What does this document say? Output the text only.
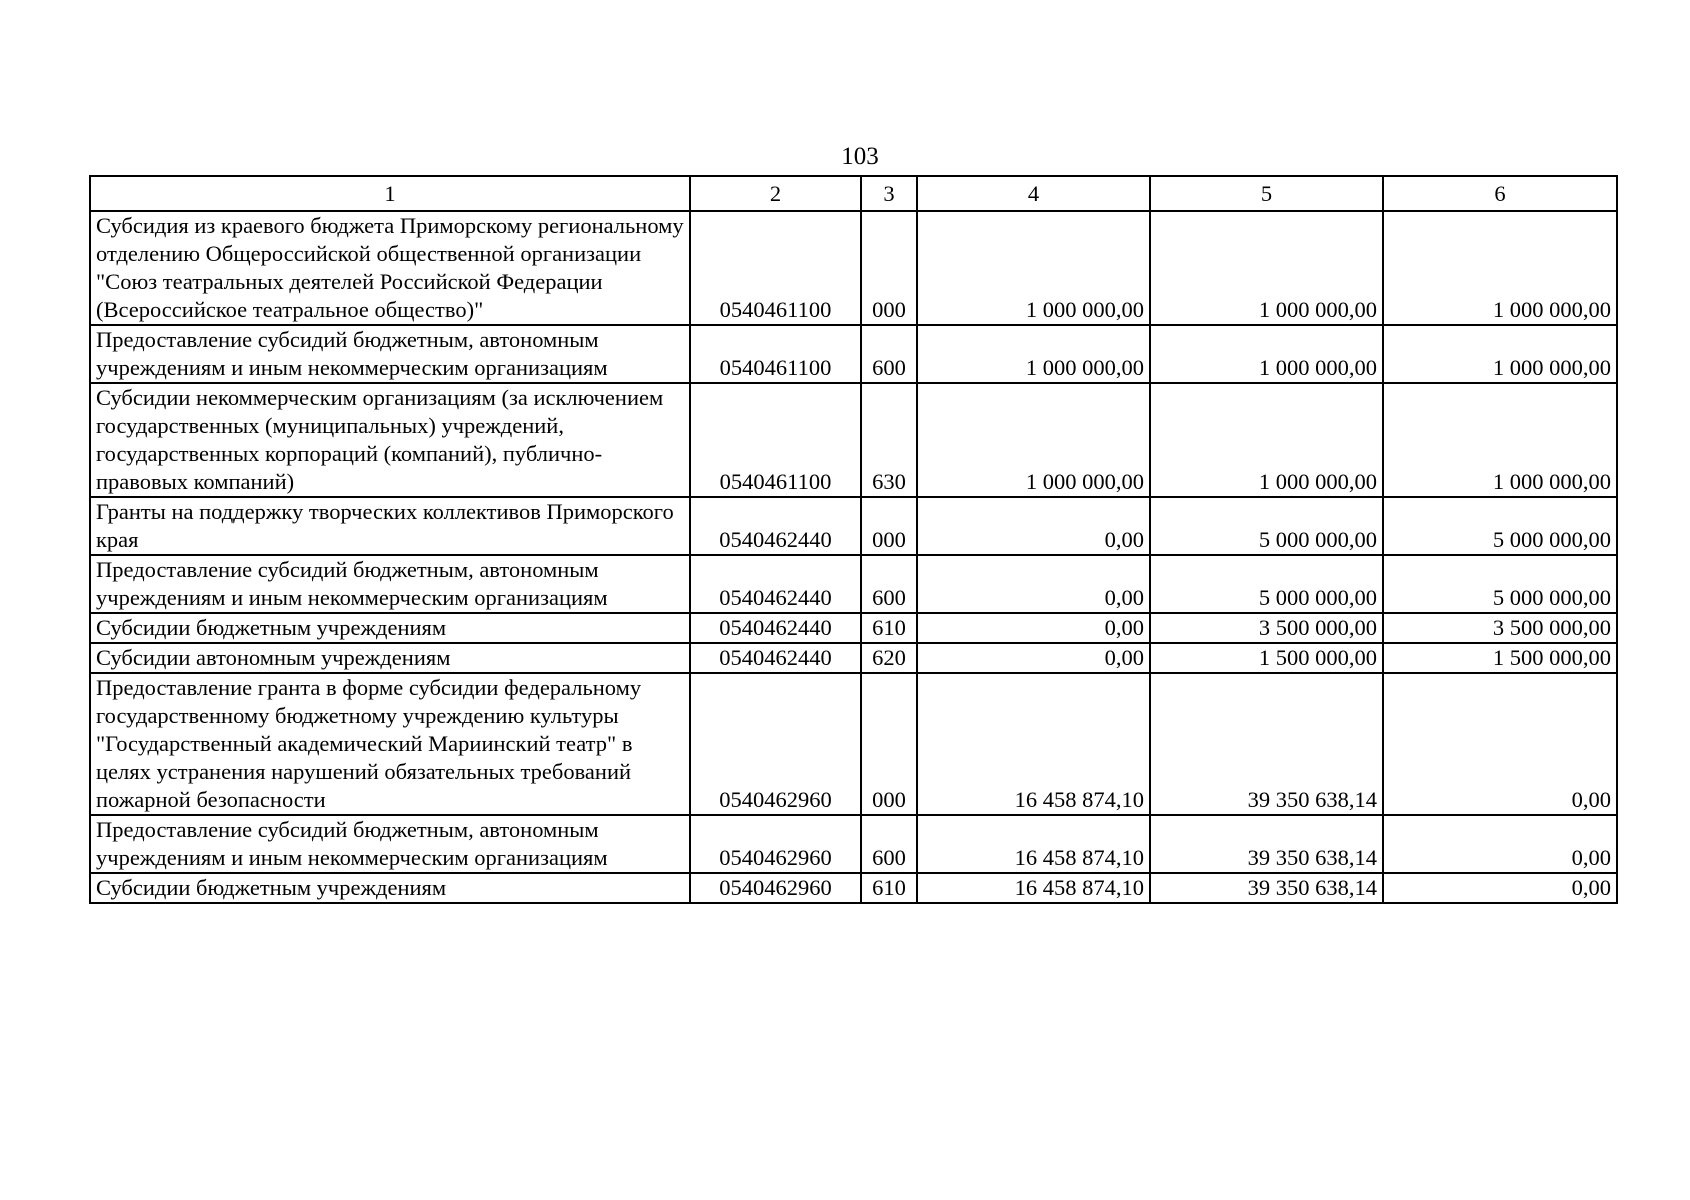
103
1	2	3	4	5	6
Субсидия из краевого бюджета Приморскому региональному отделению Общероссийской общественной организации "Союз театральных деятелей Российской Федерации (Всероссийское театральное общество)"	0540461100	000	1 000 000,00	1 000 000,00	1 000 000,00
Предоставление субсидий бюджетным, автономным учреждениям и иным некоммерческим организациям	0540461100	600	1 000 000,00	1 000 000,00	1 000 000,00
Субсидии некоммерческим организациям (за исключением государственных (муниципальных) учреждений, государственных корпораций (компаний), публично-правовых компаний)	0540461100	630	1 000 000,00	1 000 000,00	1 000 000,00
Гранты на поддержку творческих коллективов Приморского края	0540462440	000	0,00	5 000 000,00	5 000 000,00
Предоставление субсидий бюджетным, автономным учреждениям и иным некоммерческим организациям	0540462440	600	0,00	5 000 000,00	5 000 000,00
Субсидии бюджетным учреждениям	0540462440	610	0,00	3 500 000,00	3 500 000,00
Субсидии автономным учреждениям	0540462440	620	0,00	1 500 000,00	1 500 000,00
Предоставление гранта в форме субсидии федеральному государственному бюджетному учреждению культуры "Государственный академический Мариинский театр" в целях устранения нарушений обязательных требований пожарной безопасности	0540462960	000	16 458 874,10	39 350 638,14	0,00
Предоставление субсидий бюджетным, автономным учреждениям и иным некоммерческим организациям	0540462960	600	16 458 874,10	39 350 638,14	0,00
Субсидии бюджетным учреждениям	0540462960	610	16 458 874,10	39 350 638,14	0,00
